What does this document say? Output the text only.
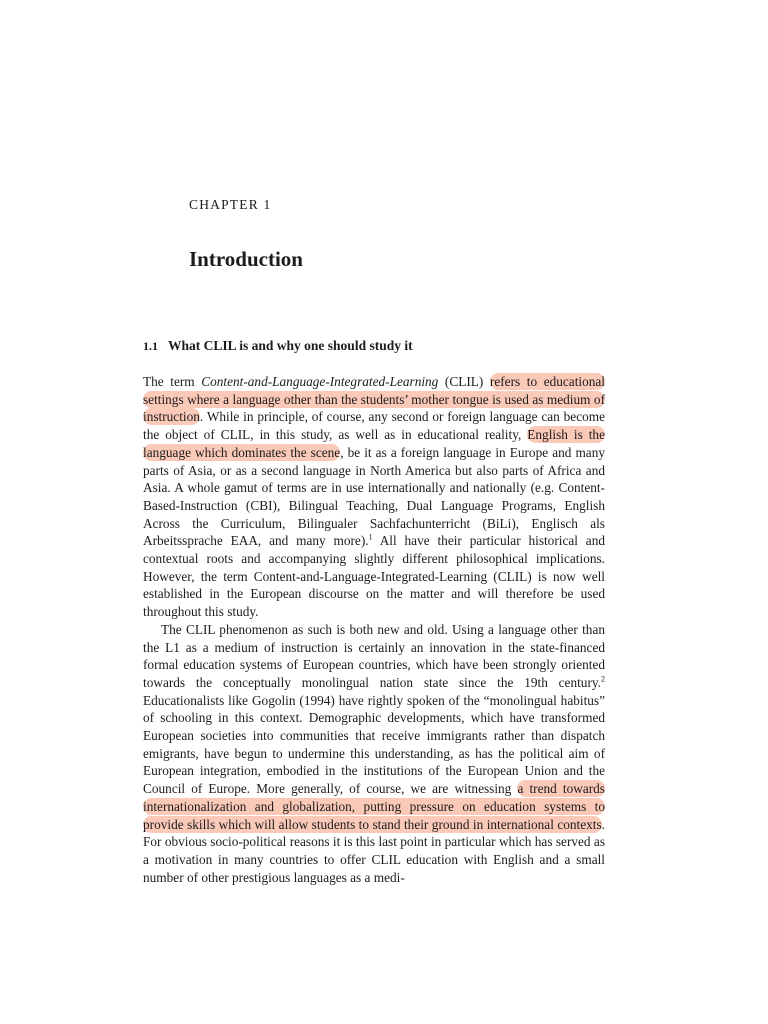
CHAPTER 1
Introduction
1.1 What CLIL is and why one should study it

The term Content-and-Language-Integrated-Learning (CLIL) refers to educational settings where a language other than the students’ mother tongue is used as medium of instruction. While in principle, of course, any second or foreign language can become the object of CLIL, in this study, as well as in educational reality, English is the language which dominates the scene, be it as a foreign language in Europe and many parts of Asia, or as a second language in North America but also parts of Africa and Asia. A whole gamut of terms are in use internationally and nationally (e.g. Content-Based-Instruction (CBI), Bilingual Teaching, Dual Language Programs, English Across the Curriculum, Bilingualer Sachfachunterricht (BiLi), Englisch als Arbeitssprache EAA, and many more).$^1$ All have their particular historical and contextual roots and accompanying slightly different philosophical implications. However, the term Content-and-Language-Integrated-Learning (CLIL) is now well established in the European discourse on the matter and will therefore be used throughout this study.

The CLIL phenomenon as such is both new and old. Using a language other than the L1 as a medium of instruction is certainly an innovation in the state-financed formal education systems of European countries, which have been strongly oriented towards the conceptually monolingual nation state since the 19th century.$^2$ Educationalists like Gogolin (1994) have rightly spoken of the “monolingual habitus” of schooling in this context. Demographic developments, which have transformed European societies into communities that receive immigrants rather than dispatch emigrants, have begun to undermine this understanding, as has the political aim of European integration, embodied in the institutions of the European Union and the Council of Europe. More generally, of course, we are witnessing a trend towards internationalization and globalization, putting pressure on education systems to provide skills which will allow students to stand their ground in international contexts. For obvious socio-political reasons it is this last point in particular which has served as a motivation in many countries to offer CLIL education with English and a small number of other prestigious languages as a medi-
